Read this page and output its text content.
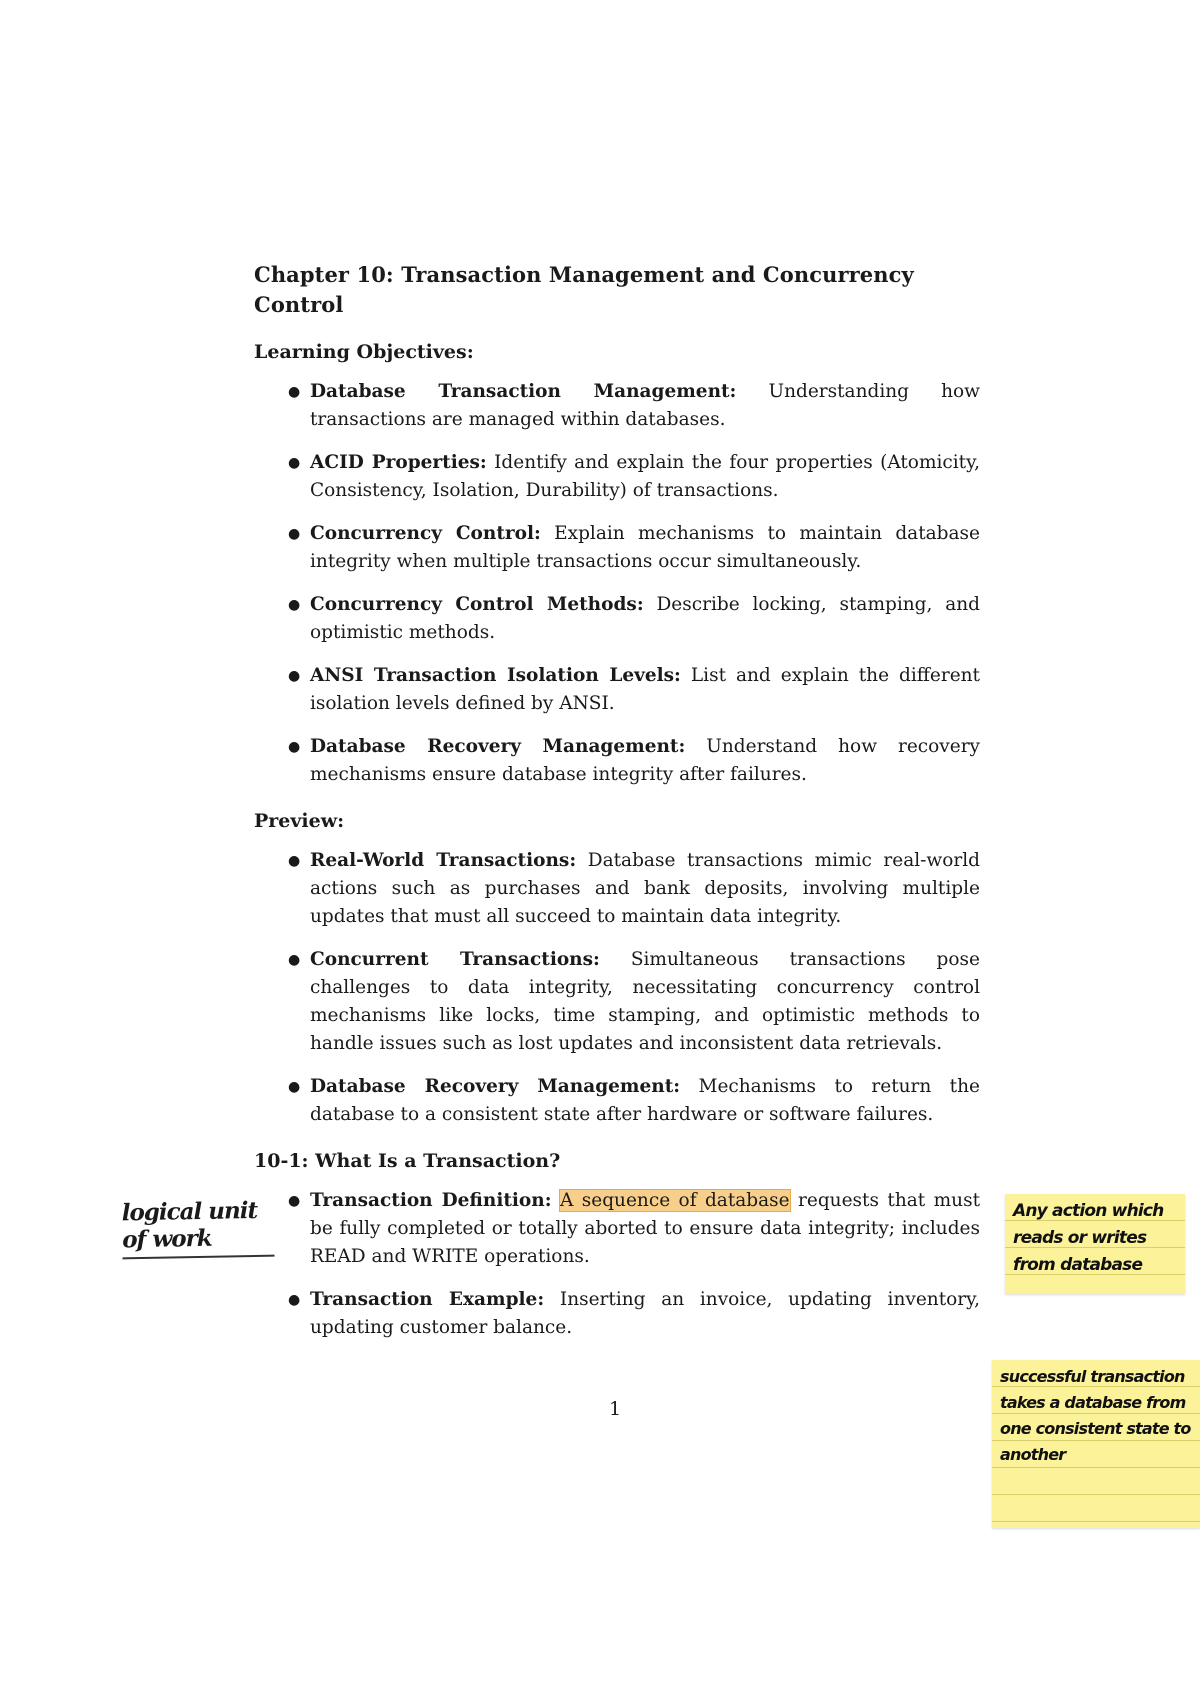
Chapter 10: Transaction Management and Concurrency Control
Learning Objectives:
● Database Transaction Management: Understanding how transactions are managed within databases.
● ACID Properties: Identify and explain the four properties (Atomicity, Consistency, Isolation, Durability) of transactions.
● Concurrency Control: Explain mechanisms to maintain database integrity when multiple transactions occur simultaneously.
● Concurrency Control Methods: Describe locking, stamping, and optimistic methods.
● ANSI Transaction Isolation Levels: List and explain the different isolation levels defined by ANSI.
● Database Recovery Management: Understand how recovery mechanisms ensure database integrity after failures.
Preview:
● Real-World Transactions: Database transactions mimic real-world actions such as purchases and bank deposits, involving multiple updates that must all succeed to maintain data integrity.
● Concurrent Transactions: Simultaneous transactions pose challenges to data integrity, necessitating concurrency control mechanisms like locks, time stamping, and optimistic methods to handle issues such as lost updates and inconsistent data retrievals.
● Database Recovery Management: Mechanisms to return the database to a consistent state after hardware or software failures.
10-1: What Is a Transaction?
● Transaction Definition: A sequence of database requests that must be fully completed or totally aborted to ensure data integrity; includes READ and WRITE operations.
● Transaction Example: Inserting an invoice, updating inventory, updating customer balance.
1
logical unit of work
Any action which reads or writes from database
successful transaction takes a database from one consistent state to another
